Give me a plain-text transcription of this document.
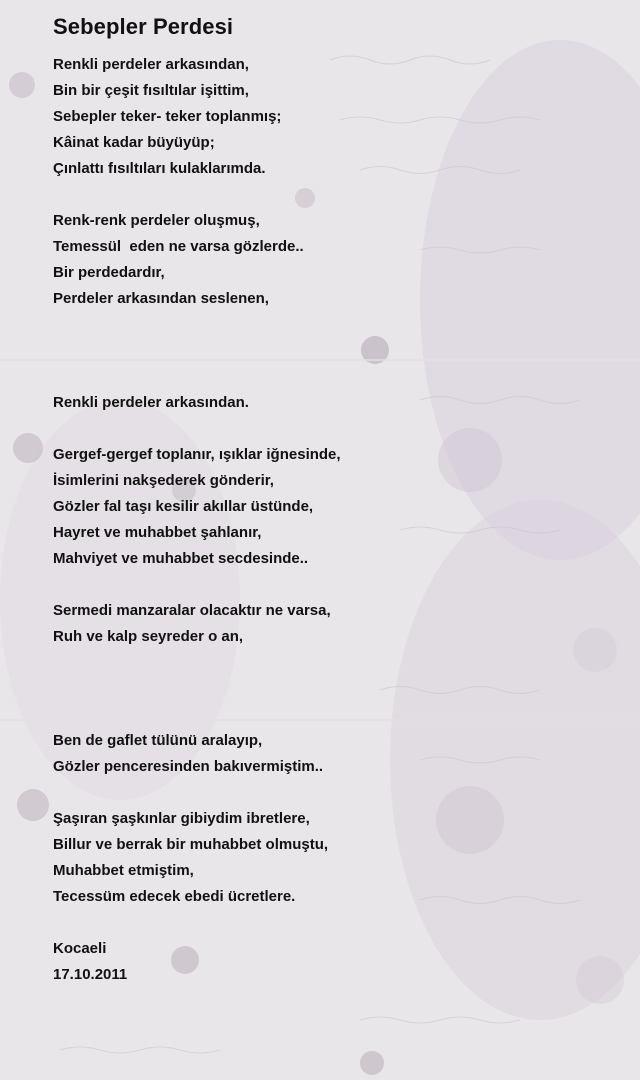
Sebepler Perdesi
Renkli perdeler arkasından,
Bin bir çeşit fısıltılar işittim,
Sebepler teker- teker toplanmış;
Kâinat kadar büyüyüp;
Çınlattı fısıltıları kulaklarımda.
Renk-renk perdeler oluşmuş,
Temessül  eden ne varsa gözlerde..
Bir perdedardır,
Perdeler arkasından seslenen,
Renkli perdeler arkasından.
Gergef-gergef toplanır, ışıklar iğnesinde,
İsimlerini nakşederek gönderir,
Gözler fal taşı kesilir akıllar üstünde,
Hayret ve muhabbet şahlanır,
Mahviyet ve muhabbet secdesinde..
Sermedi manzaralar olacaktır ne varsa,
Ruh ve kalp seyreder o an,
Ben de gaflet tülünü aralayıp,
Gözler penceresinden bakıvermiştim..
Şaşıran şaşkınlar gibiydim ibretlere,
Billur ve berrak bir muhabbet olmuştu,
Muhabbet etmiştim,
Tecessüm edecek ebedi ücretlere.
Kocaeli
17.10.2011
